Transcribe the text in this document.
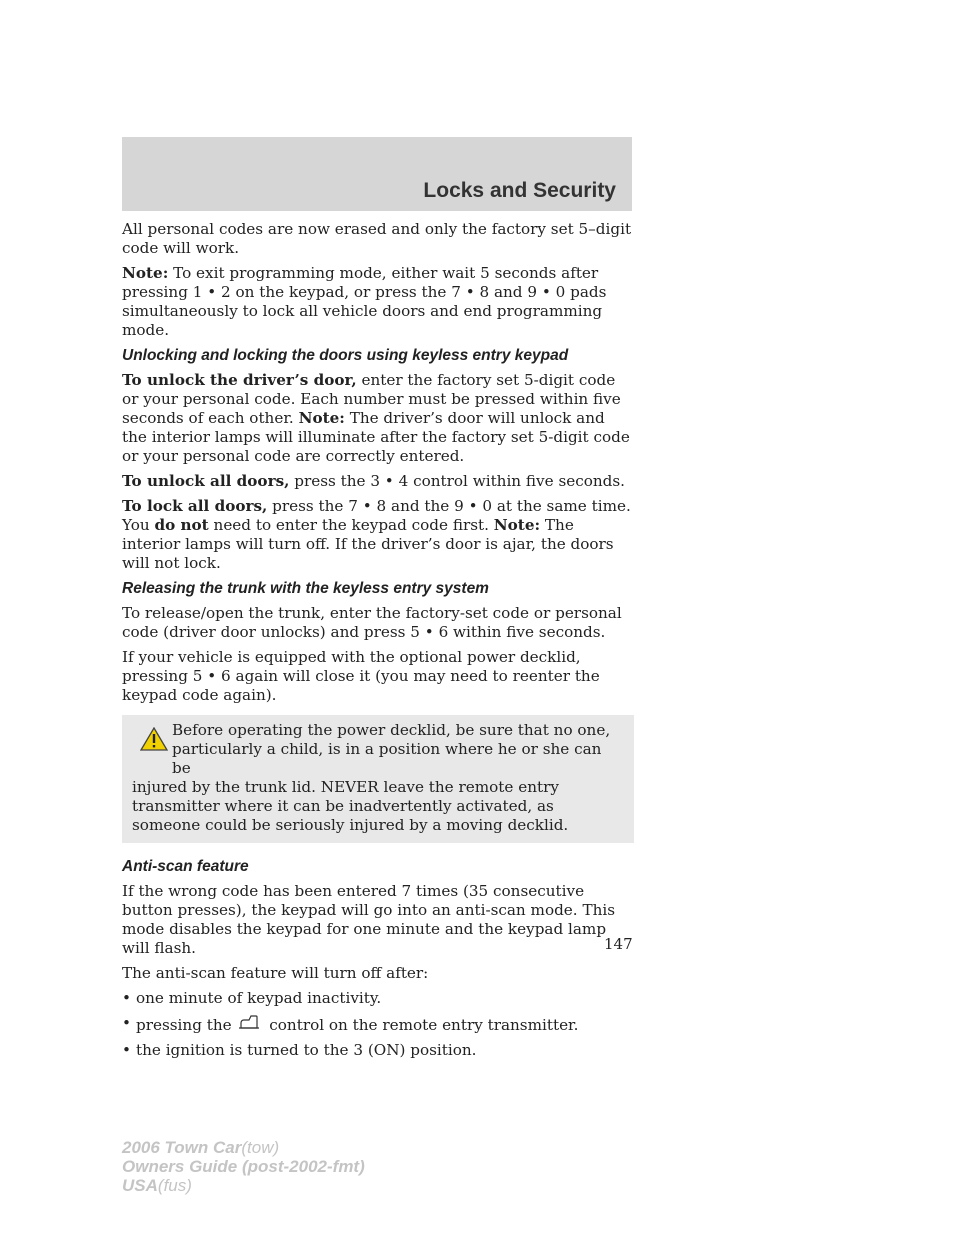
Locks and Security

All personal codes are now erased and only the factory set 5–digit code will work.

Note: To exit programming mode, either wait 5 seconds after pressing 1 • 2 on the keypad, or press the 7 • 8 and 9 • 0 pads simultaneously to lock all vehicle doors and end programming mode.

Unlocking and locking the doors using keyless entry keypad

To unlock the driver’s door, enter the factory set 5-digit code or your personal code. Each number must be pressed within five seconds of each other. Note: The driver’s door will unlock and the interior lamps will illuminate after the factory set 5-digit code or your personal code are correctly entered.

To unlock all doors, press the 3 • 4 control within five seconds.

To lock all doors, press the 7 • 8 and the 9 • 0 at the same time. You do not need to enter the keypad code first. Note: The interior lamps will turn off. If the driver’s door is ajar, the doors will not lock.

Releasing the trunk with the keyless entry system

To release/open the trunk, enter the factory-set code or personal code (driver door unlocks) and press 5 • 6 within five seconds.

If your vehicle is equipped with the optional power decklid, pressing 5 • 6 again will close it (you may need to reenter the keypad code again).

Before operating the power decklid, be sure that no one, particularly a child, is in a position where he or she can be
injured by the trunk lid. NEVER leave the remote entry transmitter where it can be inadvertently activated, as someone could be seriously injured by a moving decklid.
Anti-scan feature

If the wrong code has been entered 7 times (35 consecutive button presses), the keypad will go into an anti-scan mode. This mode disables the keypad for one minute and the keypad lamp will flash.

The anti-scan feature will turn off after:

• one minute of keypad inactivity.
• pressing the control on the remote entry transmitter.
• the ignition is turned to the 3 (ON) position.
147
2006 Town Car(tow)
Owners Guide (post-2002-fmt)
USA(fus)
